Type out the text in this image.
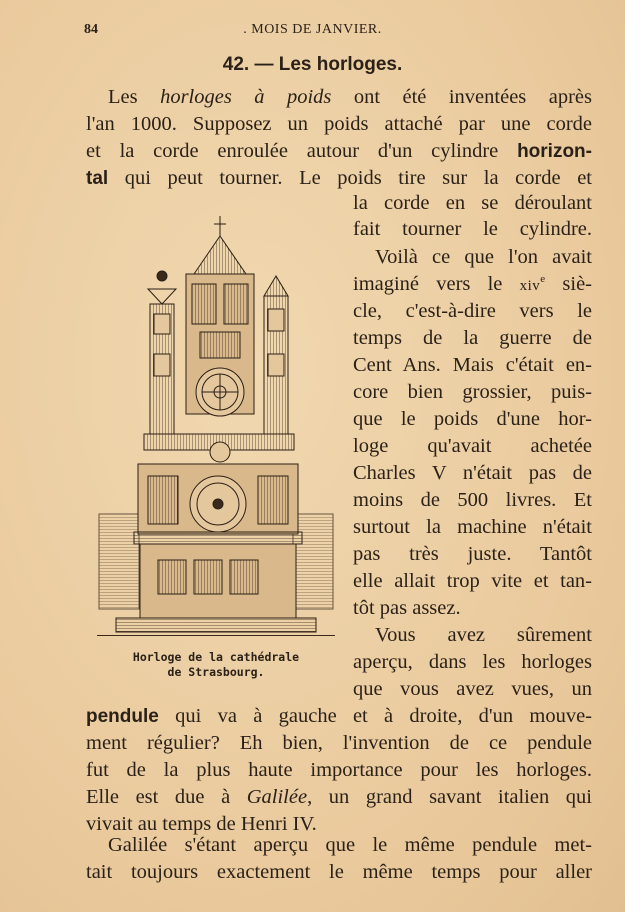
84	. MOIS DE JANVIER.
42. — Les horloges.
Les horloges à poids ont été inventées après
l'an 1000. Supposez un poids attaché par une corde
et la corde enroulée autour d'un cylindre horizon-
tal qui peut tourner. Le poids tire sur la corde et
la corde en se déroulant
fait tourner le cylindre.
Voilà ce que l'on avait
imaginé vers le xiv$^e$ siè-
cle, c'est-à-dire vers le
temps de la guerre de
Cent Ans. Mais c'était en-
core bien grossier, puis-
que le poids d'une hor-
loge qu'avait achetée
Charles V n'était pas de
moins de 500 livres. Et
surtout la machine n'était
pas très juste. Tantôt
elle allait trop vite et tan-
tôt pas assez.
Vous avez sûrement
aperçu, dans les horloges
que vous avez vues, un
pendule qui va à gauche et à droite, d'un mouve-
ment régulier? Eh bien, l'invention de ce pendule
fut de la plus haute importance pour les horloges.
Elle est due à Galilée, un grand savant italien qui
vivait au temps de Henri IV.
Galilée s'étant aperçu que le même pendule met-
tait toujours exactement le même temps pour aller
Horloge de la cathédrale
de Strasbourg.
